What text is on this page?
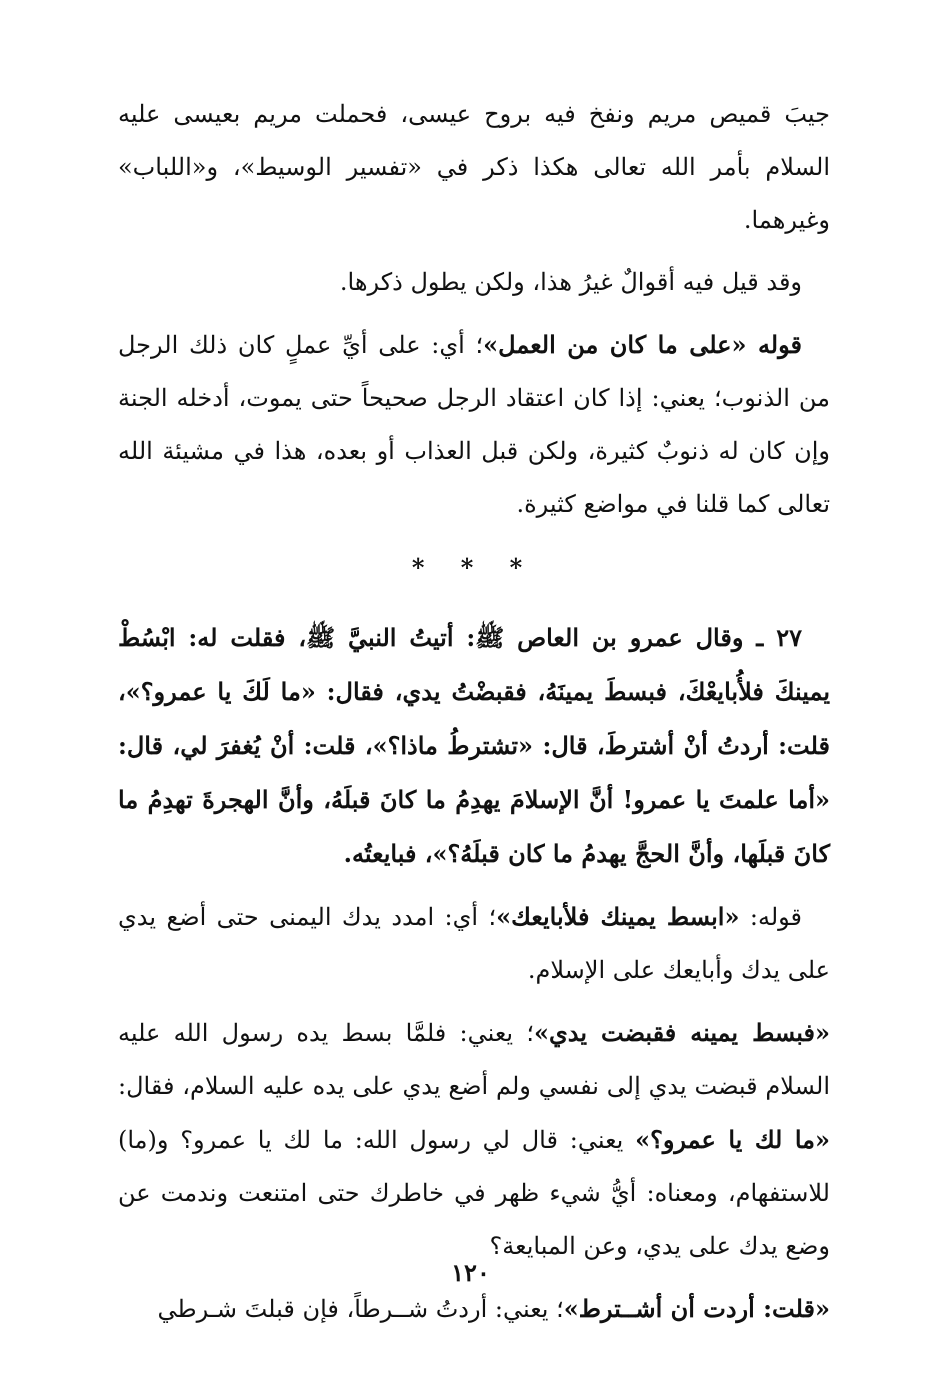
جيبَ قميص مريم ونفخ فيه بروح عيسى، فحملت مريم بعيسى عليه السلام بأمر الله تعالى هكذا ذكر في «تفسير الوسيط»، و«اللباب» وغيرهما.

وقد قيل فيه أقوالٌ غيرُ هذا، ولكن يطول ذكرها.

قوله «على ما كان من العمل»؛ أي: على أيِّ عملٍ كان ذلك الرجل من الذنوب؛ يعني: إذا كان اعتقاد الرجل صحيحاً حتى يموت، أدخله الجنة وإن كان له ذنوبٌ كثيرة، ولكن قبل العذاب أو بعده، هذا في مشيئة الله تعالى كما قلنا في مواضع كثيرة.

* * *

٢٧ ـ وقال عمرو بن العاص ﷺ: أتيتُ النبيَّ ﷺ، فقلت له: ابْسُطْ يمينكَ فلأُبايعْكَ، فبسطَ يمينَهُ، فقبضْتُ يدي، فقال: «ما لَكَ يا عمرو؟»، قلت: أردتُ أنْ أشترطَ، قال: «تشترطُ ماذا؟»، قلت: أنْ يُغفرَ لي، قال: «أما علمتَ يا عمرو! أنَّ الإسلامَ يهدِمُ ما كانَ قبلَهُ، وأنَّ الهجرةَ تهدِمُ ما كانَ قبلَها، وأنَّ الحجَّ يهدمُ ما كان قبلَهُ؟»، فبايعتُه.

قوله: «ابسط يمينك فلأبايعك»؛ أي: امدد يدك اليمنى حتى أضع يدي على يدك وأبايعك على الإسلام.

«فبسط يمينه فقبضت يدي»؛ يعني: فلمَّا بسط يده رسول الله عليه السلام قبضت يدي إلى نفسي ولم أضع يدي على يده عليه السلام، فقال: «ما لك يا عمرو؟» يعني: قال لي رسول الله: ما لك يا عمرو؟ و(ما) للاستفهام، ومعناه: أيُّ شيء ظهر في خاطرك حتى امتنعت وندمت عن وضع يدك على يدي، وعن المبايعة؟

«قلت: أردت أن أشــترط»؛ يعني: أردتُ شــرطاً، فإن قبلتَ شـرطي

١٢٠
